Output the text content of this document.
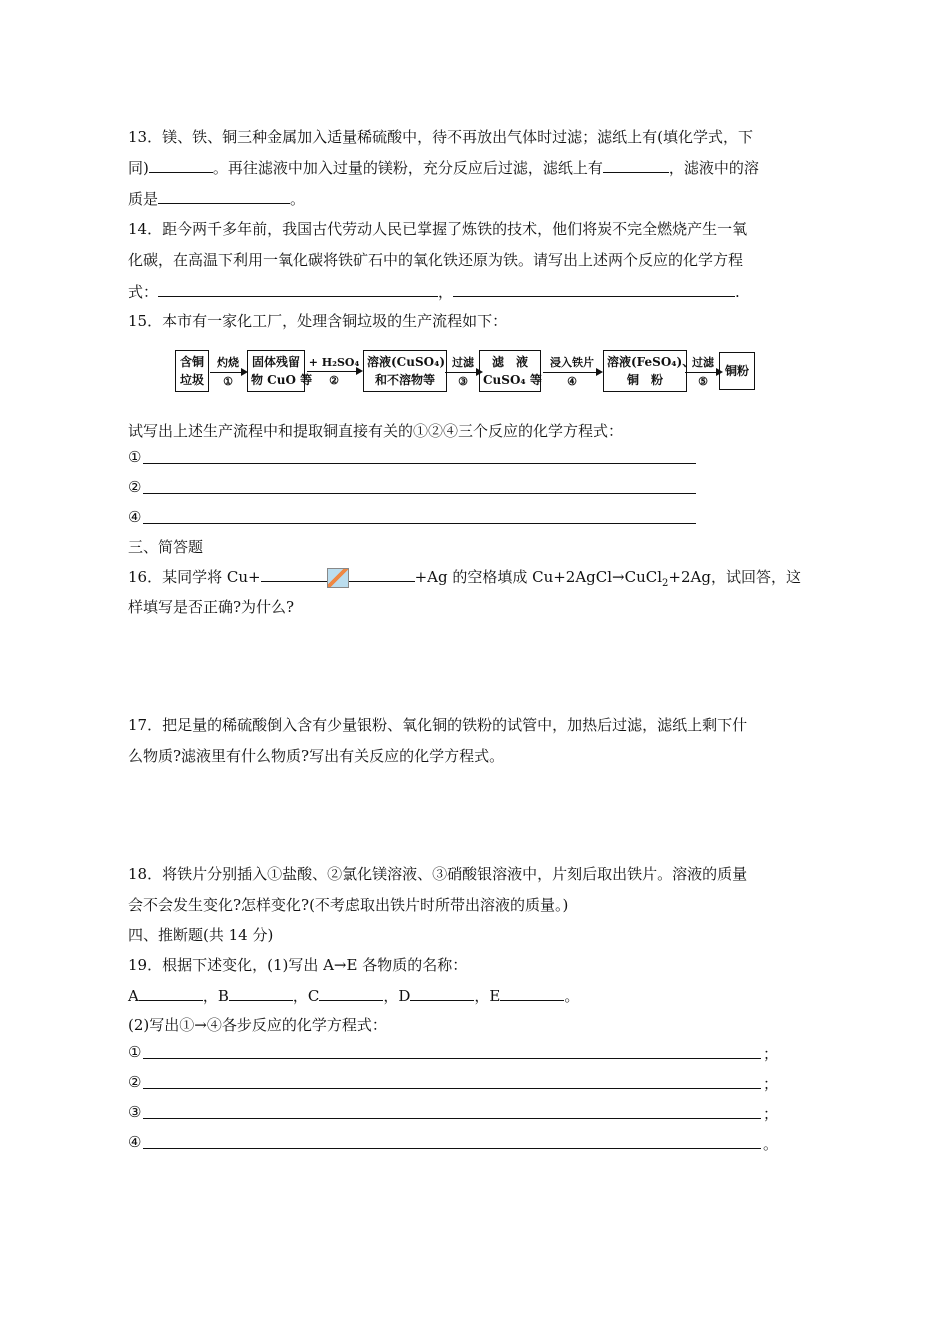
13．镁、铁、铜三种金属加入适量稀硫酸中，待不再放出气体时过滤；滤纸上有(填化学式，下
同)	。再往滤液中加入过量的镁粉，充分反应后过滤，滤纸上有	，滤液中的溶
质是	。
14．距今两千多年前，我国古代劳动人民已掌握了炼铁的技术，他们将炭不完全燃烧产生一氧
化碳，在高温下利用一氧化碳将铁矿石中的氧化铁还原为铁。请写出上述两个反应的化学方程
式：	，	.
15．本市有一家化工厂，处理含铜垃圾的生产流程如下：
含铜
垃圾
灼烧
①
固体残留
物 CuO 等
+ H₂SO₄
②
溶液(CuSO₄)
和不溶物等
过滤
③
滤　液
CuSO₄ 等
浸入铁片
④
溶液(FeSO₄)、
铜　粉
过滤
⑤
铜粉
试写出上述生产流程中和提取铜直接有关的①②④三个反应的化学方程式：
①
②
④
三、简答题
16．某同学将 Cu+	+Ag 的空格填成 Cu+2AgCl→CuCl$_2$+2Ag，试回答，这
样填写是否正确?为什么?
17．把足量的稀硫酸倒入含有少量银粉、氧化铜的铁粉的试管中，加热后过滤，滤纸上剩下什
么物质?滤液里有什么物质?写出有关反应的化学方程式。
18．将铁片分别插入①盐酸、②氯化镁溶液、③硝酸银溶液中，片刻后取出铁片。溶液的质量
会不会发生变化?怎样变化?(不考虑取出铁片时所带出溶液的质量。)
四、推断题(共 14 分)
19．根据下述变化，(1)写出 A→E 各物质的名称：
A	，B	，C	，D	，E	。
(2)写出①→④各步反应的化学方程式：
①	；
②	；
③	；
④	。
